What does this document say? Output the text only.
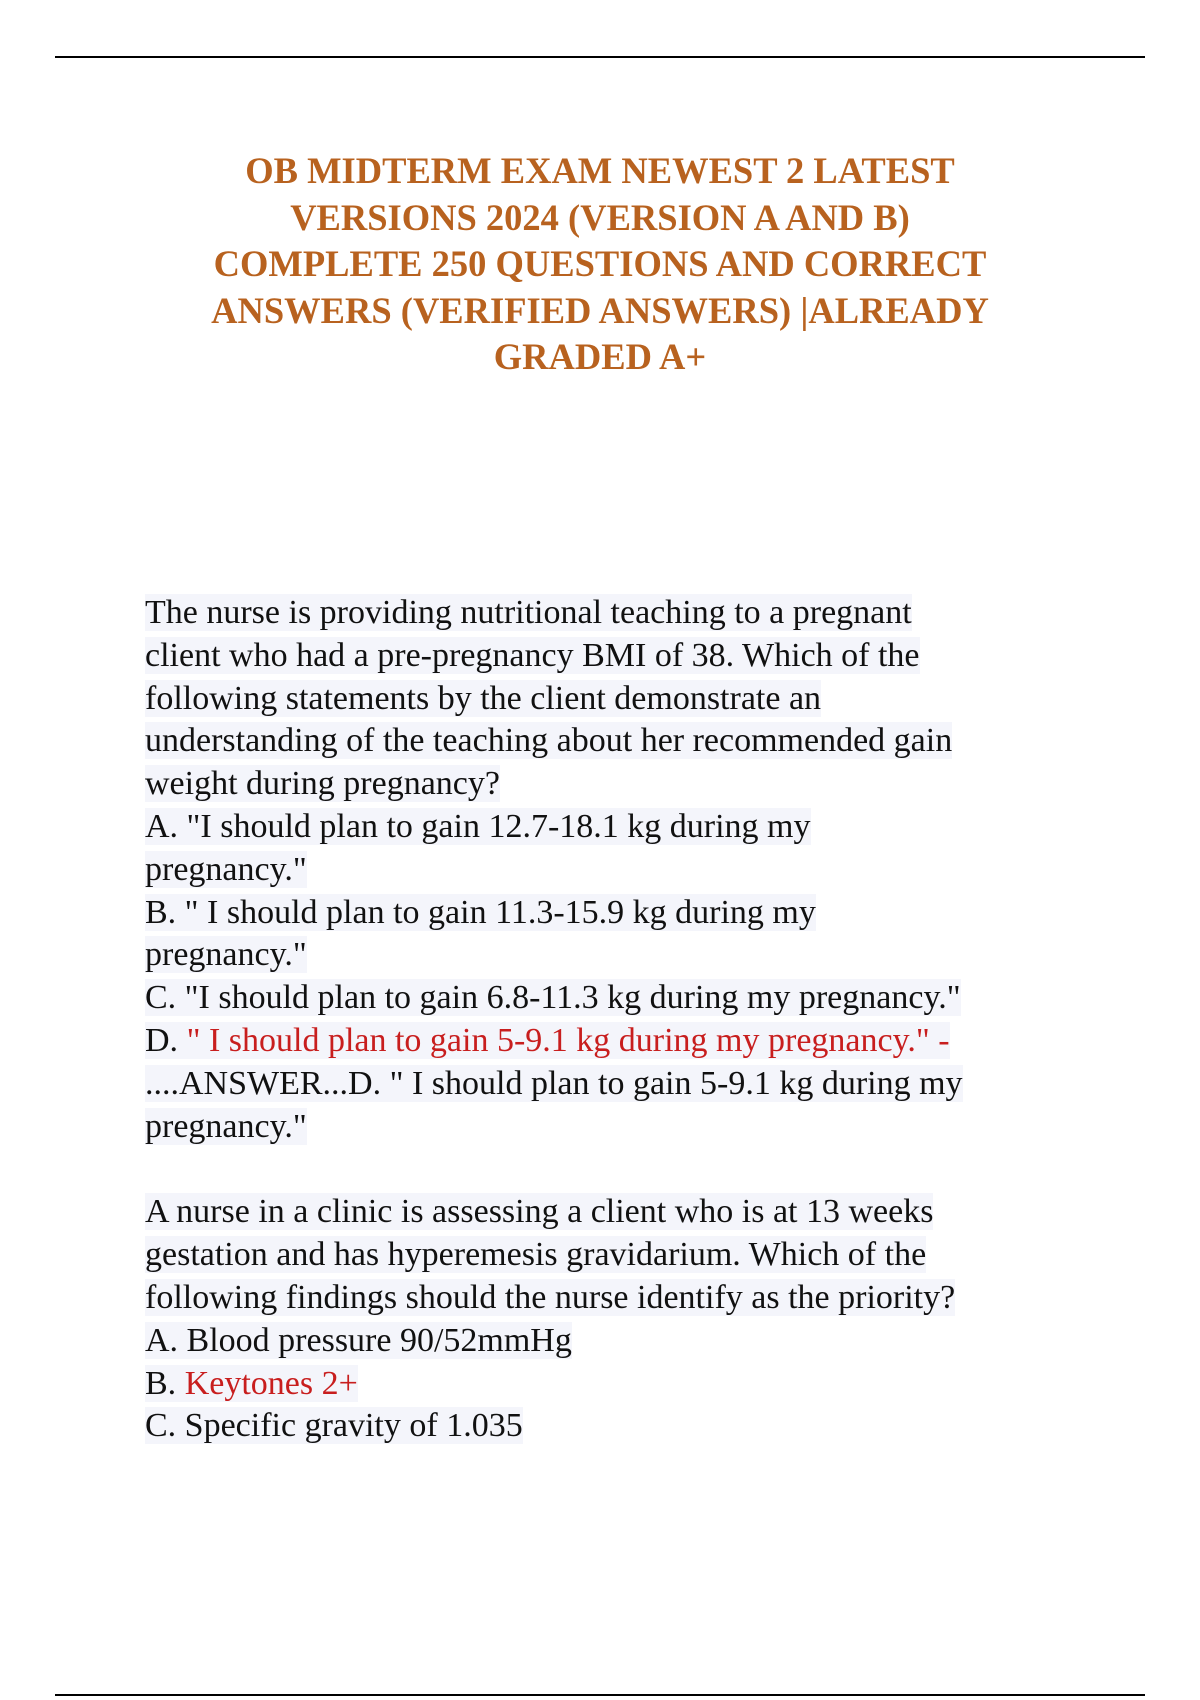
OB MIDTERM EXAM NEWEST 2 LATEST
VERSIONS 2024 (VERSION A AND B)
COMPLETE 250 QUESTIONS AND CORRECT
ANSWERS (VERIFIED ANSWERS) |ALREADY
GRADED A+
The nurse is providing nutritional teaching to a pregnant
client who had a pre-pregnancy BMI of 38. Which of the
following statements by the client demonstrate an
understanding of the teaching about her recommended gain
weight during pregnancy?
A. "I should plan to gain 12.7-18.1 kg during my
pregnancy."
B. " I should plan to gain 11.3-15.9 kg during my
pregnancy."
C. "I should plan to gain 6.8-11.3 kg during my pregnancy."
D. " I should plan to gain 5-9.1 kg during my pregnancy." -
....ANSWER...D. " I should plan to gain 5-9.1 kg during my
pregnancy."
A nurse in a clinic is assessing a client who is at 13 weeks
gestation and has hyperemesis gravidarium. Which of the
following findings should the nurse identify as the priority?
A. Blood pressure 90/52mmHg
B. Keytones 2+
C. Specific gravity of 1.035
